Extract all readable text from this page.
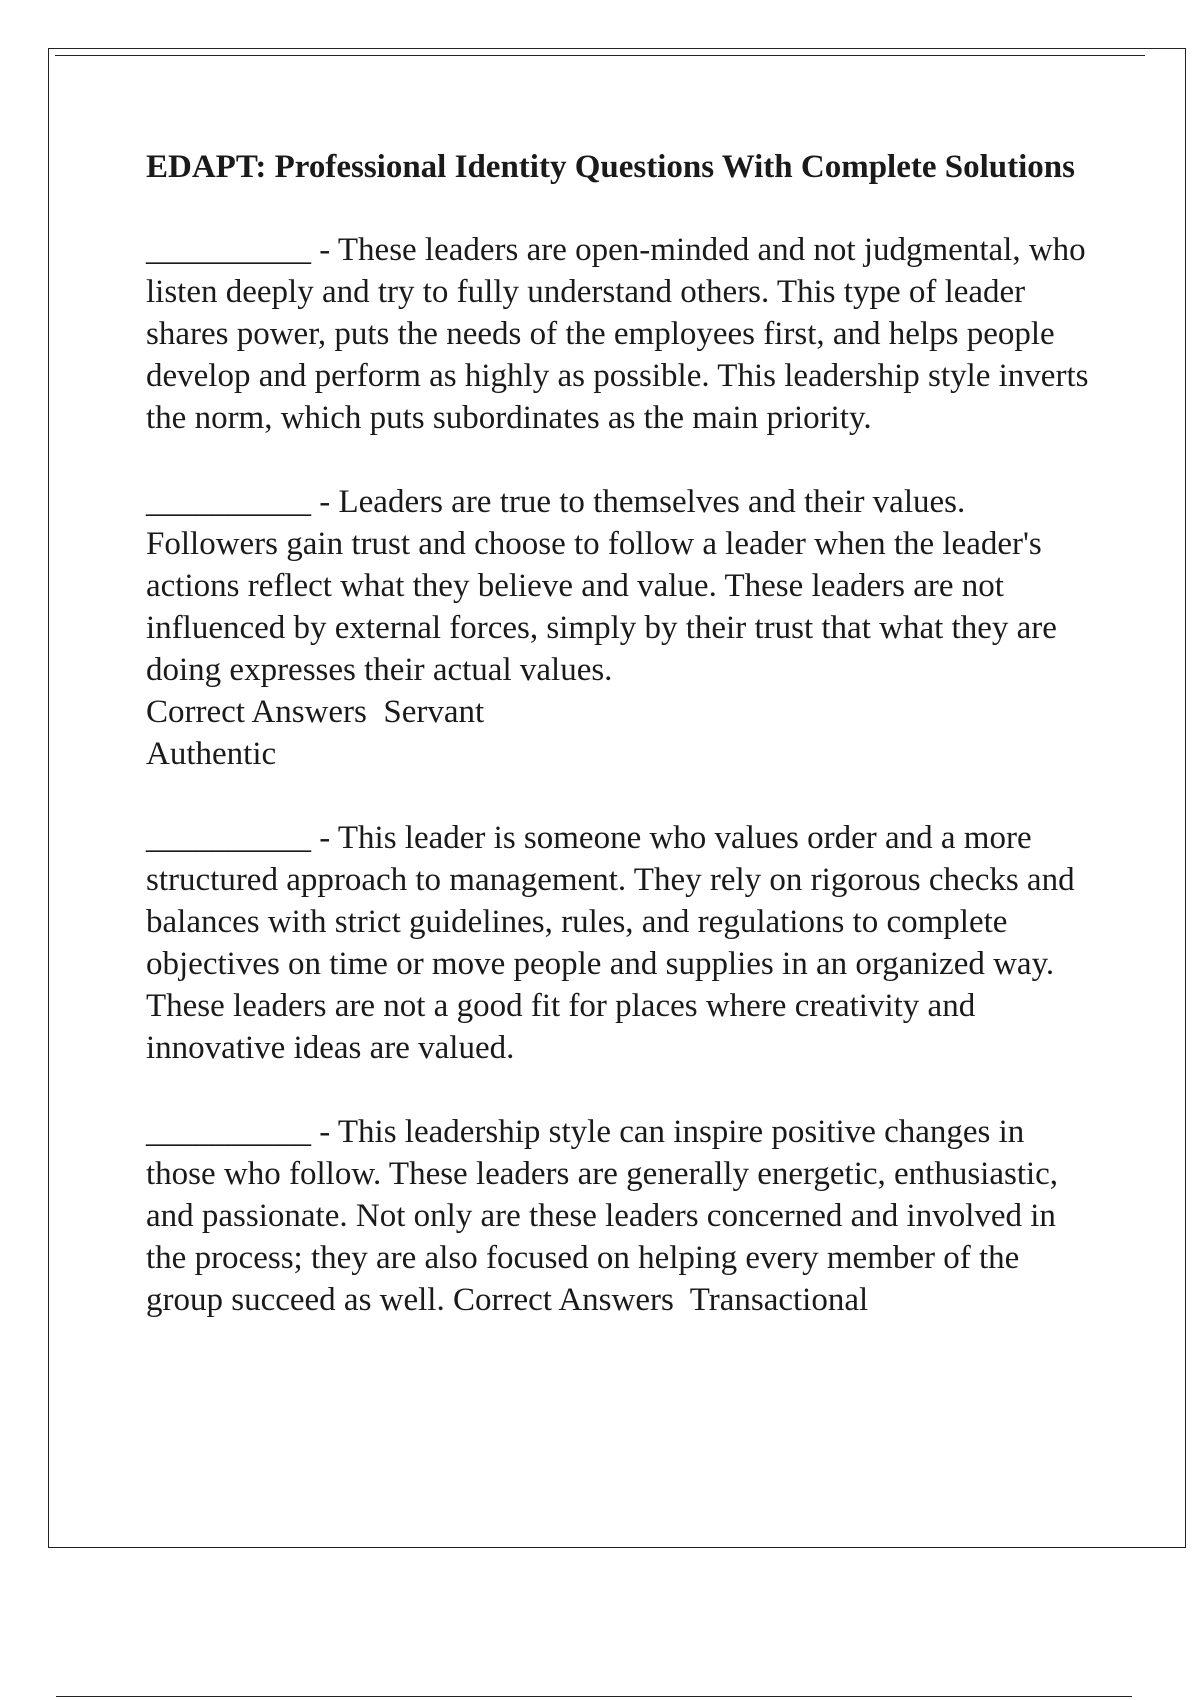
EDAPT: Professional Identity Questions With Complete Solutions

__________ - These leaders are open-minded and not judgmental, who listen deeply and try to fully understand others. This type of leader shares power, puts the needs of the employees first, and helps people develop and perform as highly as possible. This leadership style inverts the norm, which puts subordinates as the main priority.

__________ - Leaders are true to themselves and their values. Followers gain trust and choose to follow a leader when the leader's actions reflect what they believe and value. These leaders are not influenced by external forces, simply by their trust that what they are doing expresses their actual values.

Correct Answers  Servant

Authentic

__________ - This leader is someone who values order and a more structured approach to management. They rely on rigorous checks and balances with strict guidelines, rules, and regulations to complete objectives on time or move people and supplies in an organized way. These leaders are not a good fit for places where creativity and innovative ideas are valued.

__________ - This leadership style can inspire positive changes in those who follow. These leaders are generally energetic, enthusiastic, and passionate. Not only are these leaders concerned and involved in the process; they are also focused on helping every member of the group succeed as well. Correct Answers  Transactional
